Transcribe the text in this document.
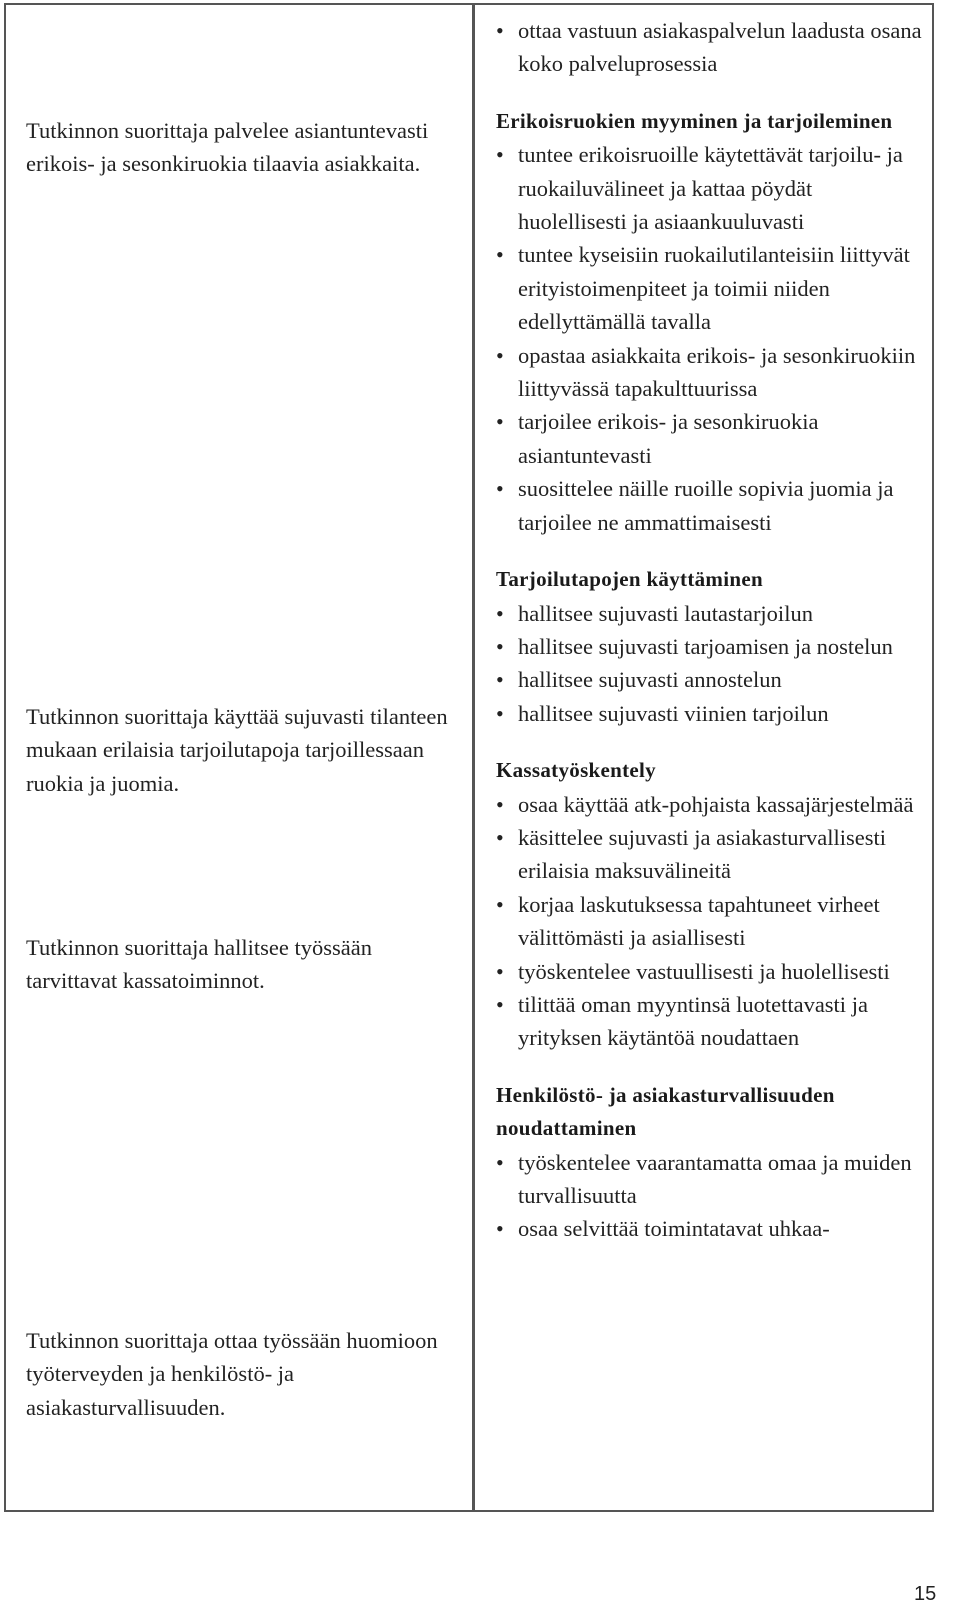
Tutkinnon suorittaja palvelee asiantuntevasti erikois- ja sesonkiruokia tilaavia asiakkaita.

Tutkinnon suorittaja käyttää sujuvasti tilanteen mukaan erilaisia tarjoilutapoja tarjoillessaan ruokia ja juomia.

Tutkinnon suorittaja hallitsee työssään tarvittavat kassatoiminnot.

Tutkinnon suorittaja ottaa työssään huomioon työterveyden ja henkilöstö- ja asiakasturvallisuuden.

• ottaa vastuun asiakaspalvelun laadusta osana koko palveluprosessia
Erikoisruokien myyminen ja tarjoileminen
• tuntee erikoisruoille käytettävät tarjoilu- ja ruokailuvälineet ja kattaa pöydät huolellisesti ja asiaankuuluvasti
• tuntee kyseisiin ruokailutilanteisiin liittyvät erityistoimenpiteet ja toimii niiden edellyttämällä tavalla
• opastaa asiakkaita erikois- ja sesonkiruokiin liittyvässä tapakulttuurissa
• tarjoilee erikois- ja sesonkiruokia asiantuntevasti
• suosittelee näille ruoille sopivia juomia ja tarjoilee ne ammattimaisesti
Tarjoilutapojen käyttäminen
• hallitsee sujuvasti lautastarjoilun
• hallitsee sujuvasti tarjoamisen ja nostelun
• hallitsee sujuvasti annostelun
• hallitsee sujuvasti viinien tarjoilun
Kassatyöskentely
• osaa käyttää atk-pohjaista kassajärjestelmää
• käsittelee sujuvasti ja asiakasturvallisesti erilaisia maksuvälineitä
• korjaa laskutuksessa tapahtuneet virheet välittömästi ja asiallisesti
• työskentelee vastuullisesti ja huolellisesti
• tilittää oman myyntinsä luotettavasti ja yrityksen käytäntöä noudattaen
Henkilöstö- ja asiakasturvallisuuden noudattaminen
• työskentelee vaarantamatta omaa ja muiden turvallisuutta
• osaa selvittää toimintatavat uhkaa-
15
